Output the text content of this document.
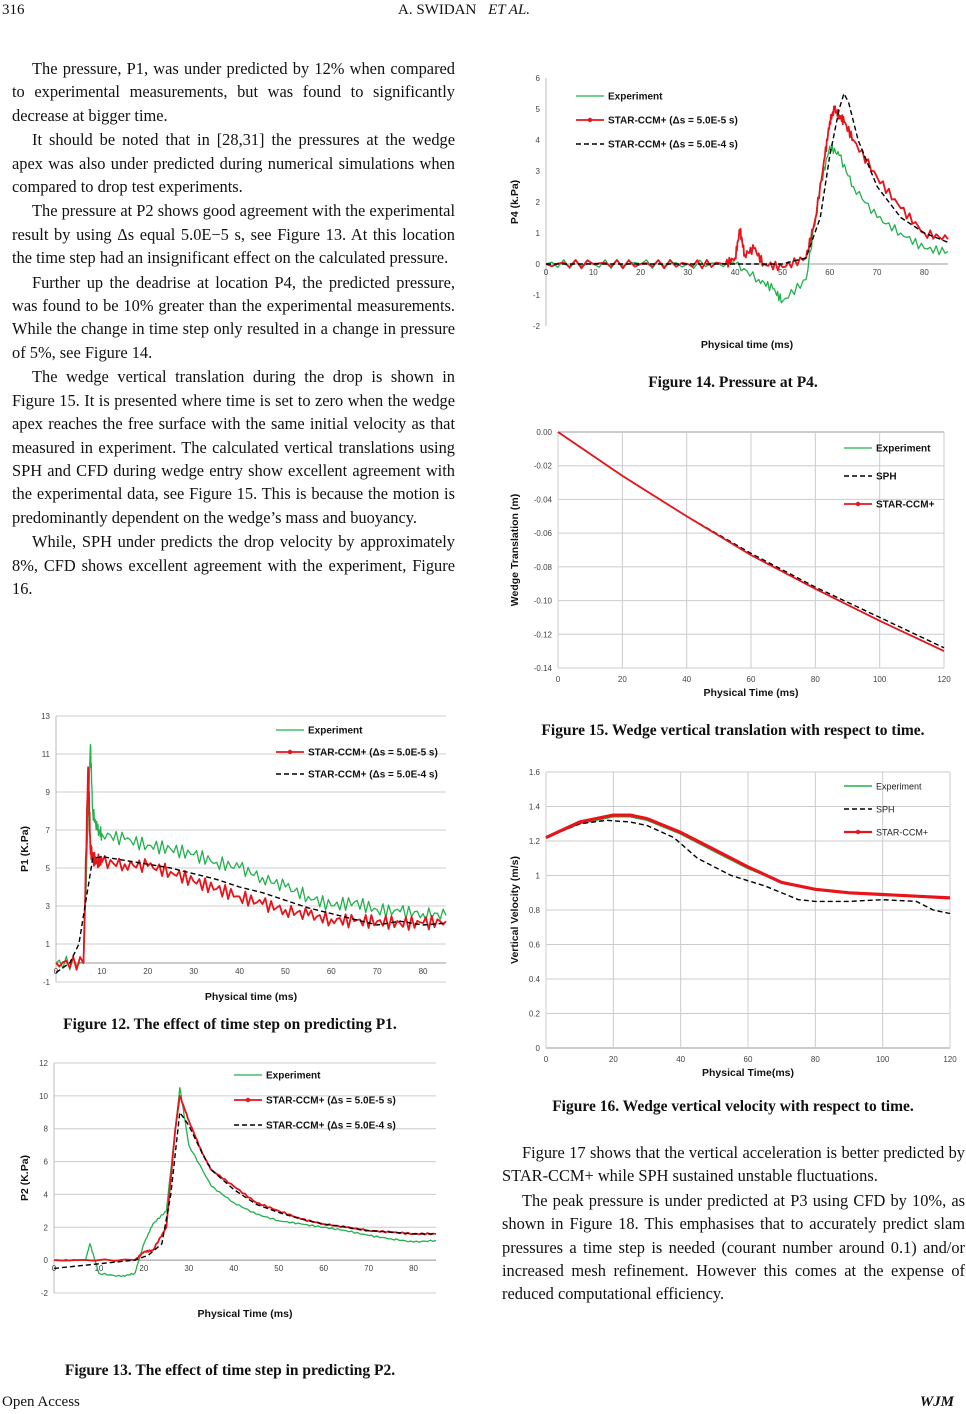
316	A. SWIDAN ET AL.

The pressure, P1, was under predicted by 12% when compared to experimental measurements, but was found to significantly decrease at bigger time.

It should be noted that in [28,31] the pressures at the wedge apex was also under predicted during numerical simulations when compared to drop test experiments.

The pressure at P2 shows good agreement with the experimental result by using Δs equal 5.0E−5 s, see Figure 13. At this location the time step had an insignificant effect on the calculated pressure.

Further up the deadrise at location P4, the predicted pressure, was found to be 10% greater than the experimental measurements. While the change in time step only resulted in a change in pressure of 5%, see Figure 14.

The wedge vertical translation during the drop is shown in Figure 15. It is presented where time is set to zero when the wedge apex reaches the free surface with the same initial velocity as that measured in experiment. The calculated vertical translations using SPH and CFD during wedge entry show excellent agreement with the experimental data, see Figure 15. This is because the motion is predominantly dependent on the wedge’s mass and buoyancy.

While, SPH under predicts the drop velocity by approximately 8%, CFD shows excellent agreement with the experiment, Figure 16.

-1
1
3
5
7
9
11
13
0	10	20	30	40	50	60	70	80
Experiment
STAR-CCM+ (Δs = 5.0E-5 s)
STAR-CCM+ (Δs = 5.0E-4 s)
Physical time (ms)
P1 (K.Pa)
-2
0
2
4
6
8
10
12
0	10	20	30	40	50	60	70	80
Experiment
STAR-CCM+ (Δs = 5.0E-5 s)
STAR-CCM+ (Δs = 5.0E-4 s)
Physical Time (ms)
P2 (K.Pa)
-2
-1
0
1
2
3
4
5
6
0	10	20	30	40	50	60	70	80
Experiment
STAR-CCM+ (Δs = 5.0E-5 s)
STAR-CCM+ (Δs = 5.0E-4 s)
Physical time (ms)
P4 (k.Pa)
0.00
-0.02
-0.04
-0.06
-0.08
-0.10
-0.12
-0.14
0	20	40	60	80	100	120
Experiment
SPH
STAR-CCM+
Physical Time (ms)
Wedge Translation (m)
0
0.2
0.4
0.6
0.8
1
1.2
1.4
1.6
0	20	40	60	80	100	120
Experiment
SPH
STAR-CCM+
Physical Time(ms)
Vertical Velocity (m/s)
Figure 12. The effect of time step on predicting P1.
Figure 13. The effect of time step in predicting P2.
Figure 14. Pressure at P4.
Figure 15. Wedge vertical translation with respect to time.
Figure 16. Wedge vertical velocity with respect to time.

Figure 17 shows that the vertical acceleration is better predicted by STAR-CCM+ while SPH sustained unstable fluctuations.

The peak pressure is under predicted at P3 using CFD by 10%, as shown in Figure 18. This emphasises that to accurately predict slam pressures a time step is needed (courant number around 0.1) and/or increased mesh refinement. However this comes at the expense of reduced computational efficiency.

Open Access	WJM
